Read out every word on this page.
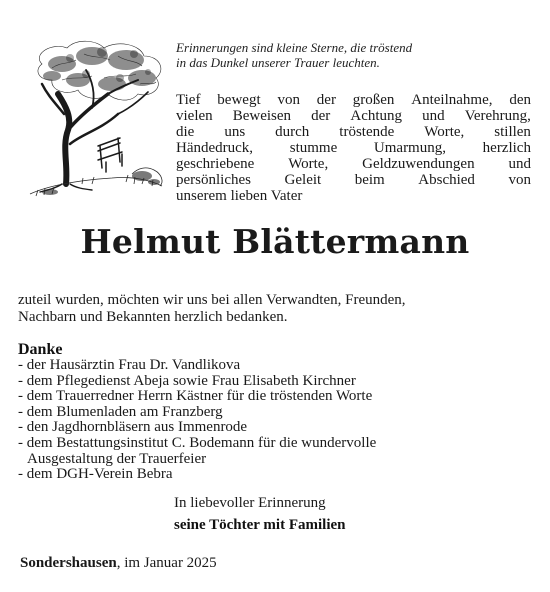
Erinnerungen sind kleine Sterne, die tröstend
in das Dunkel unserer Trauer leuchten.
Tief bewegt von der großen Anteilnahme, den
vielen Beweisen der Achtung und Verehrung,
die uns durch tröstende Worte, stillen
Händedruck, stumme Umarmung, herzlich
geschriebene Worte, Geldzuwendungen und
persönliches Geleit beim Abschied von
unserem lieben Vater
Helmut Blättermann
zuteil wurden, möchten wir uns bei allen Verwandten, Freunden,
Nachbarn und Bekannten herzlich bedanken.
Danke
- der Hausärztin Frau Dr. Vandlikova
- dem Pflegedienst Abeja sowie Frau Elisabeth Kirchner
- dem Trauerredner Herrn Kästner für die tröstenden Worte
- dem Blumenladen am Franzberg
- den Jagdhornbläsern aus Immenrode
- dem Bestattungsinstitut C. Bodemann für die wundervolle
Ausgestaltung der Trauerfeier
- dem DGH-Verein Bebra
In liebevoller Erinnerung
seine Töchter mit Familien
Sondershausen, im Januar 2025
